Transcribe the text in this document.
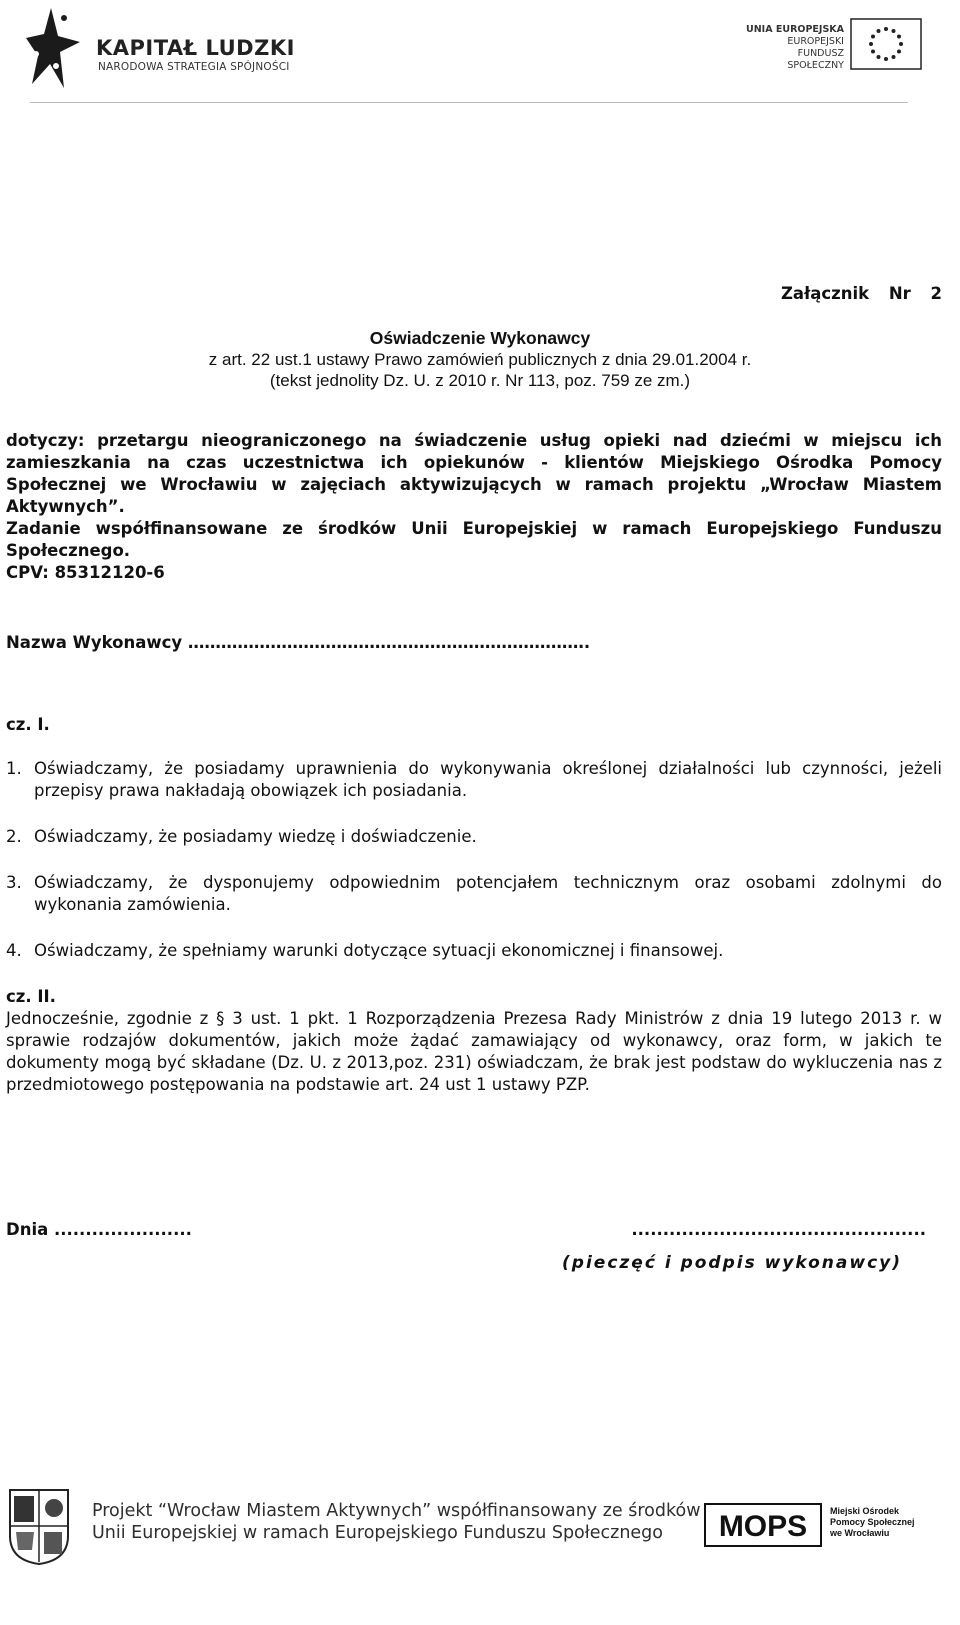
KAPITAŁ LUDZKI
NARODOWA STRATEGIA SPÓJNOŚCI
UNIA EUROPEJSKA
EUROPEJSKI
FUNDUSZ SPOŁECZNY
Załącznik Nr 2
Oświadczenie Wykonawcy
z art. 22 ust.1 ustawy Prawo zamówień publicznych z dnia 29.01.2004 r.
(tekst jednolity Dz. U. z 2010 r. Nr 113, poz. 759 ze zm.)
dotyczy: przetargu nieograniczonego na świadczenie usług opieki nad dziećmi w miejscu ich zamieszkania na czas uczestnictwa ich opiekunów - klientów Miejskiego Ośrodka Pomocy Społecznej we Wrocławiu w zajęciach aktywizujących w ramach projektu „Wrocław Miastem Aktywnych”.
Zadanie współfinansowane ze środków Unii Europejskiej w ramach Europejskiego Funduszu Społecznego.
CPV: 85312120-6
Nazwa Wykonawcy ……………………………………………………………….
cz. I.
1. Oświadczamy, że posiadamy uprawnienia do wykonywania określonej działalności lub czynności, jeżeli przepisy prawa nakładają obowiązek ich posiadania.
2. Oświadczamy, że posiadamy wiedzę i doświadczenie.
3. Oświadczamy, że dysponujemy odpowiednim potencjałem technicznym oraz osobami zdolnymi do wykonania zamówienia.
4. Oświadczamy, że spełniamy warunki dotyczące sytuacji ekonomicznej i finansowej.
cz. II.
Jednocześnie, zgodnie z § 3 ust. 1 pkt. 1 Rozporządzenia Prezesa Rady Ministrów z dnia 19 lutego 2013 r. w sprawie rodzajów dokumentów, jakich może żądać zamawiający od wykonawcy, oraz form, w jakich te dokumenty mogą być składane (Dz. U. z 2013,poz. 231) oświadczam, że brak jest podstaw do wykluczenia nas z przedmiotowego postępowania na podstawie art. 24 ust 1 ustawy PZP.
Dnia ......................	...............................................
(pieczęć i podpis wykonawcy)
Projekt “Wrocław Miastem Aktywnych” współfinansowany ze środków
Unii Europejskiej w ramach Europejskiego Funduszu Społecznego	MOPS	Miejski Ośrodek
Pomocy Społecznej
we Wrocławiu
